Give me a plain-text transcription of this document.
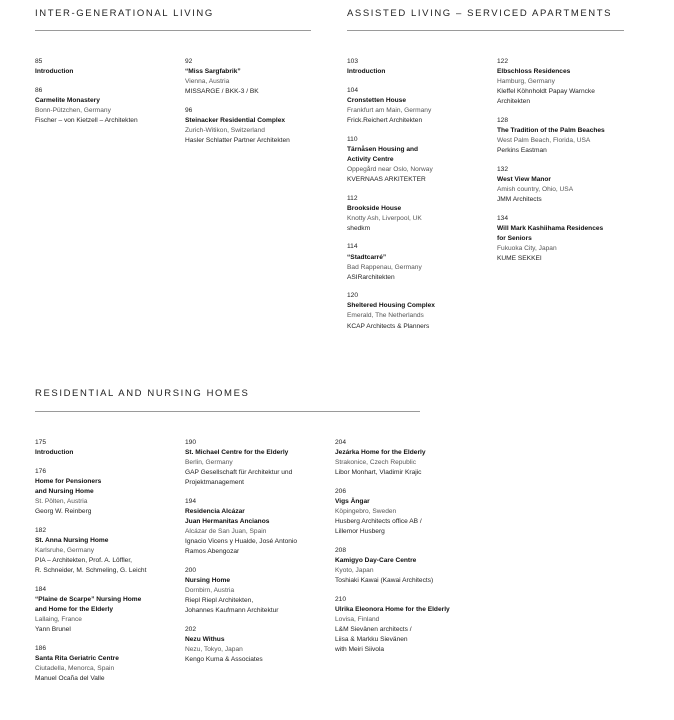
INTER-GENERATIONAL LIVING
85
Introduction
86
Carmelite Monastery
Bonn-Pützchen, Germany
Fischer – von Kietzell – Architekten
92
“Miss Sargfabrik”
Vienna, Austria
MISSARGE / BKK-3 / BK
96
Steinacker Residential Complex
Zurich-Witikon, Switzerland
Hasler Schlatter Partner Architekten
ASSISTED LIVING – SERVICED APARTMENTS
103
Introduction
104
Cronstetten House
Frankfurt am Main, Germany
Frick.Reichert Architekten
110
Tärnåsen Housing and
Activity Centre
Oppegård near Oslo, Norway
KVERNAAS ARKITEKTER
112
Brookside House
Knotty Ash, Liverpool, UK
shedkm
114
“Stadtcarré”
Bad Rappenau, Germany
ASIRarchitekten
120
Sheltered Housing Complex
Emerald, The Netherlands
KCAP Architects & Planners
122
Elbschloss Residences
Hamburg, Germany
Kleffel Köhnholdt Papay Warncke
Architekten
128
The Tradition of the Palm Beaches
West Palm Beach, Florida, USA
Perkins Eastman
132
West View Manor
Amish country, Ohio, USA
JMM Architects
134
Will Mark Kashiihama Residences
for Seniors
Fukuoka City, Japan
KUME SEKKEI
RESIDENTIAL AND NURSING HOMES
175
Introduction
176
Home for Pensioners
and Nursing Home
St. Pölten, Austria
Georg W. Reinberg
182
St. Anna Nursing Home
Karlsruhe, Germany
PIA – Architekten, Prof. A. Löffler,
R. Schneider, M. Schmeling, G. Leicht
184
“Plaine de Scarpe” Nursing Home
and Home for the Elderly
Lallaing, France
Yann Brunel
186
Santa Rita Geriatric Centre
Ciutadella, Menorca, Spain
Manuel Ocaña del Valle
190
St. Michael Centre for the Elderly
Berlin, Germany
GAP Gesellschaft für Architektur und
Projektmanagement
194
Residencia Alcázar
Juan Hermanitas Ancianos
Alcázar de San Juan, Spain
Ignacio Vicens y Hualde, José Antonio
Ramos Abengozar
200
Nursing Home
Dornbirn, Austria
Riepl Riepl Architekten,
Johannes Kaufmann Architektur
202
Nezu Withus
Nezu, Tokyo, Japan
Kengo Kuma & Associates
204
Jezárka Home for the Elderly
Strakonice, Czech Republic
Libor Monhart, Vladimir Krajic
206
Vigs Ängar
Köpingebro, Sweden
Husberg Architects office AB /
Lillemor Husberg
208
Kamigyo Day-Care Centre
Kyoto, Japan
Toshiaki Kawai (Kawai Architects)
210
Ulrika Eleonora Home for the Elderly
Lovisa, Finland
L&M Sievänen architects /
Liisa & Markku Sievänen
with Meiri Siivola
